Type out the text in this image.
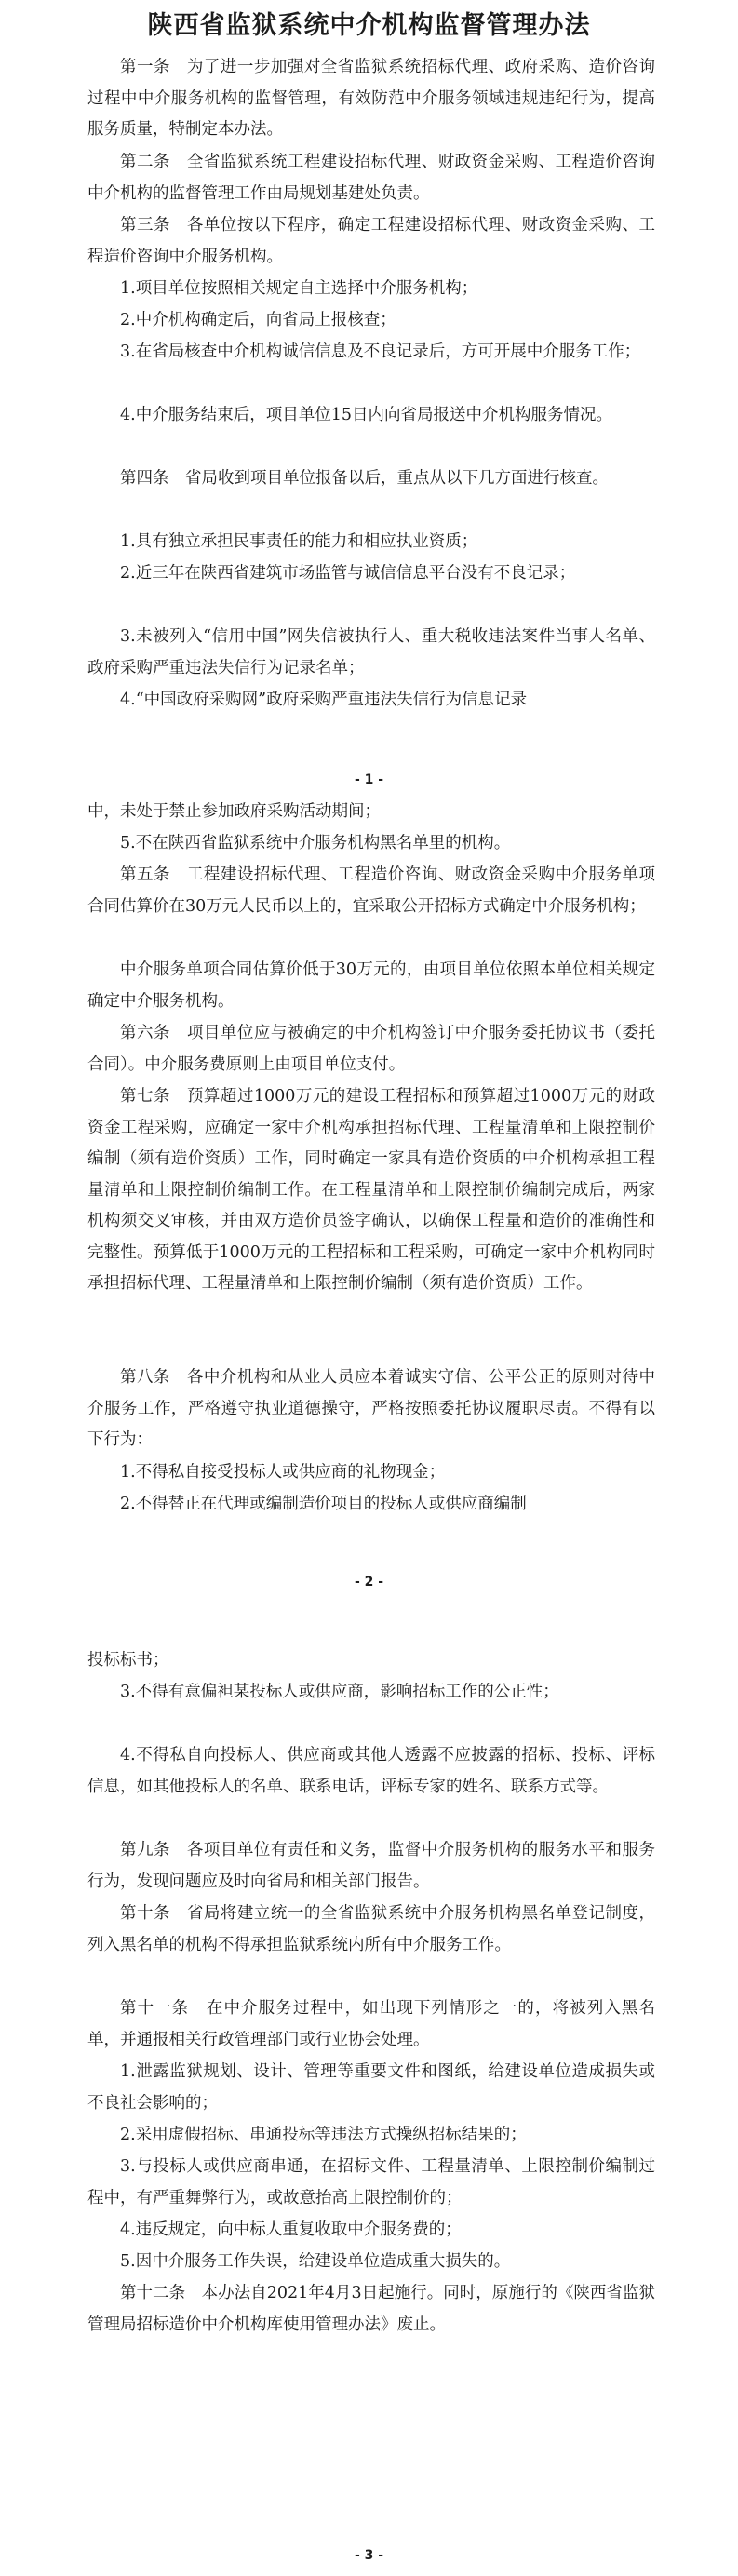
陕西省监狱系统中介机构监督管理办法
第一条　为了进一步加强对全省监狱系统招标代理、政府采购、造价咨询过程中中介服务机构的监督管理，有效防范中介服务领域违规违纪行为，提高服务质量，特制定本办法。
第二条　全省监狱系统工程建设招标代理、财政资金采购、工程造价咨询中介机构的监督管理工作由局规划基建处负责。
第三条　各单位按以下程序，确定工程建设招标代理、财政资金采购、工程造价咨询中介服务机构。
1.项目单位按照相关规定自主选择中介服务机构；
2.中介机构确定后，向省局上报核查；
3.在省局核查中介机构诚信信息及不良记录后，方可开展中介服务工作；
4.中介服务结束后，项目单位15日内向省局报送中介机构服务情况。
第四条　省局收到项目单位报备以后，重点从以下几方面进行核查。
1.具有独立承担民事责任的能力和相应执业资质；
2.近三年在陕西省建筑市场监管与诚信信息平台没有不良记录；
3.未被列入“信用中国”网失信被执行人、重大税收违法案件当事人名单、政府采购严重违法失信行为记录名单；
4.“中国政府采购网”政府采购严重违法失信行为信息记录
- 1 -
中，未处于禁止参加政府采购活动期间；
5.不在陕西省监狱系统中介服务机构黑名单里的机构。
第五条　工程建设招标代理、工程造价咨询、财政资金采购中介服务单项合同估算价在30万元人民币以上的，宜采取公开招标方式确定中介服务机构；
中介服务单项合同估算价低于30万元的，由项目单位依照本单位相关规定确定中介服务机构。
第六条　项目单位应与被确定的中介机构签订中介服务委托协议书（委托合同）。中介服务费原则上由项目单位支付。
第七条　预算超过1000万元的建设工程招标和预算超过1000万元的财政资金工程采购，应确定一家中介机构承担招标代理、工程量清单和上限控制价编制（须有造价资质）工作，同时确定一家具有造价资质的中介机构承担工程量清单和上限控制价编制工作。在工程量清单和上限控制价编制完成后，两家机构须交叉审核，并由双方造价员签字确认，以确保工程量和造价的准确性和完整性。预算低于1000万元的工程招标和工程采购，可确定一家中介机构同时承担招标代理、工程量清单和上限控制价编制（须有造价资质）工作。
第八条　各中介机构和从业人员应本着诚实守信、公平公正的原则对待中介服务工作，严格遵守执业道德操守，严格按照委托协议履职尽责。不得有以下行为：
1.不得私自接受投标人或供应商的礼物现金；
2.不得替正在代理或编制造价项目的投标人或供应商编制
- 2 -
投标标书；
3.不得有意偏袒某投标人或供应商，影响招标工作的公正性；
4.不得私自向投标人、供应商或其他人透露不应披露的招标、投标、评标信息，如其他投标人的名单、联系电话，评标专家的姓名、联系方式等。
第九条　各项目单位有责任和义务，监督中介服务机构的服务水平和服务行为，发现问题应及时向省局和相关部门报告。
第十条　省局将建立统一的全省监狱系统中介服务机构黑名单登记制度，列入黑名单的机构不得承担监狱系统内所有中介服务工作。
第十一条　在中介服务过程中，如出现下列情形之一的，将被列入黑名单，并通报相关行政管理部门或行业协会处理。
1.泄露监狱规划、设计、管理等重要文件和图纸，给建设单位造成损失或不良社会影响的；
2.采用虚假招标、串通投标等违法方式操纵招标结果的；
3.与投标人或供应商串通，在招标文件、工程量清单、上限控制价编制过程中，有严重舞弊行为，或故意抬高上限控制价的；
4.违反规定，向中标人重复收取中介服务费的；
5.因中介服务工作失误，给建设单位造成重大损失的。
第十二条　本办法自2021年4月3日起施行。同时，原施行的《陕西省监狱管理局招标造价中介机构库使用管理办法》废止。
- 3 -
